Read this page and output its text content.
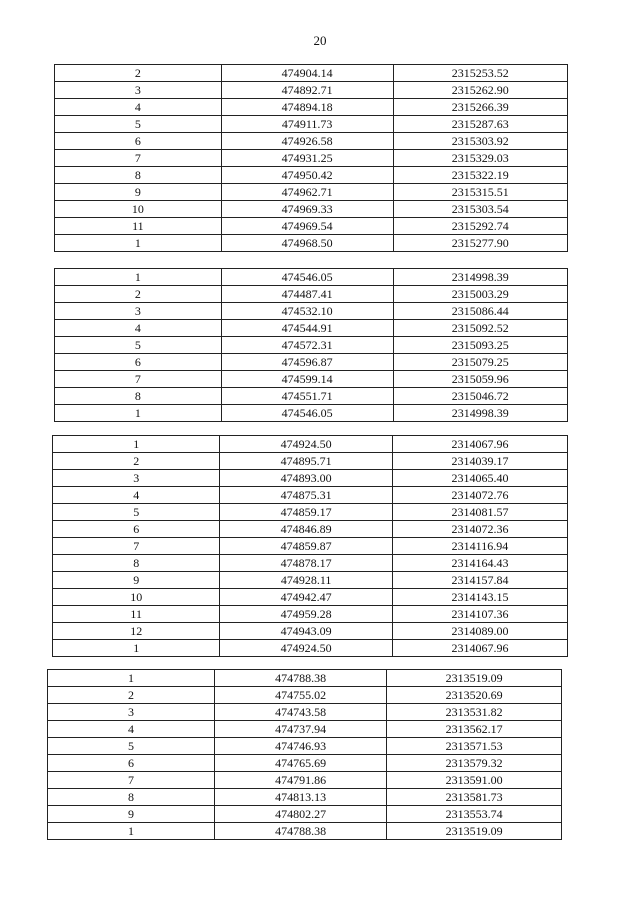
20
2	474904.14	2315253.52
3	474892.71	2315262.90
4	474894.18	2315266.39
5	474911.73	2315287.63
6	474926.58	2315303.92
7	474931.25	2315329.03
8	474950.42	2315322.19
9	474962.71	2315315.51
10	474969.33	2315303.54
11	474969.54	2315292.74
1	474968.50	2315277.90
1	474546.05	2314998.39
2	474487.41	2315003.29
3	474532.10	2315086.44
4	474544.91	2315092.52
5	474572.31	2315093.25
6	474596.87	2315079.25
7	474599.14	2315059.96
8	474551.71	2315046.72
1	474546.05	2314998.39
1	474924.50	2314067.96
2	474895.71	2314039.17
3	474893.00	2314065.40
4	474875.31	2314072.76
5	474859.17	2314081.57
6	474846.89	2314072.36
7	474859.87	2314116.94
8	474878.17	2314164.43
9	474928.11	2314157.84
10	474942.47	2314143.15
11	474959.28	2314107.36
12	474943.09	2314089.00
1	474924.50	2314067.96
1	474788.38	2313519.09
2	474755.02	2313520.69
3	474743.58	2313531.82
4	474737.94	2313562.17
5	474746.93	2313571.53
6	474765.69	2313579.32
7	474791.86	2313591.00
8	474813.13	2313581.73
9	474802.27	2313553.74
1	474788.38	2313519.09
